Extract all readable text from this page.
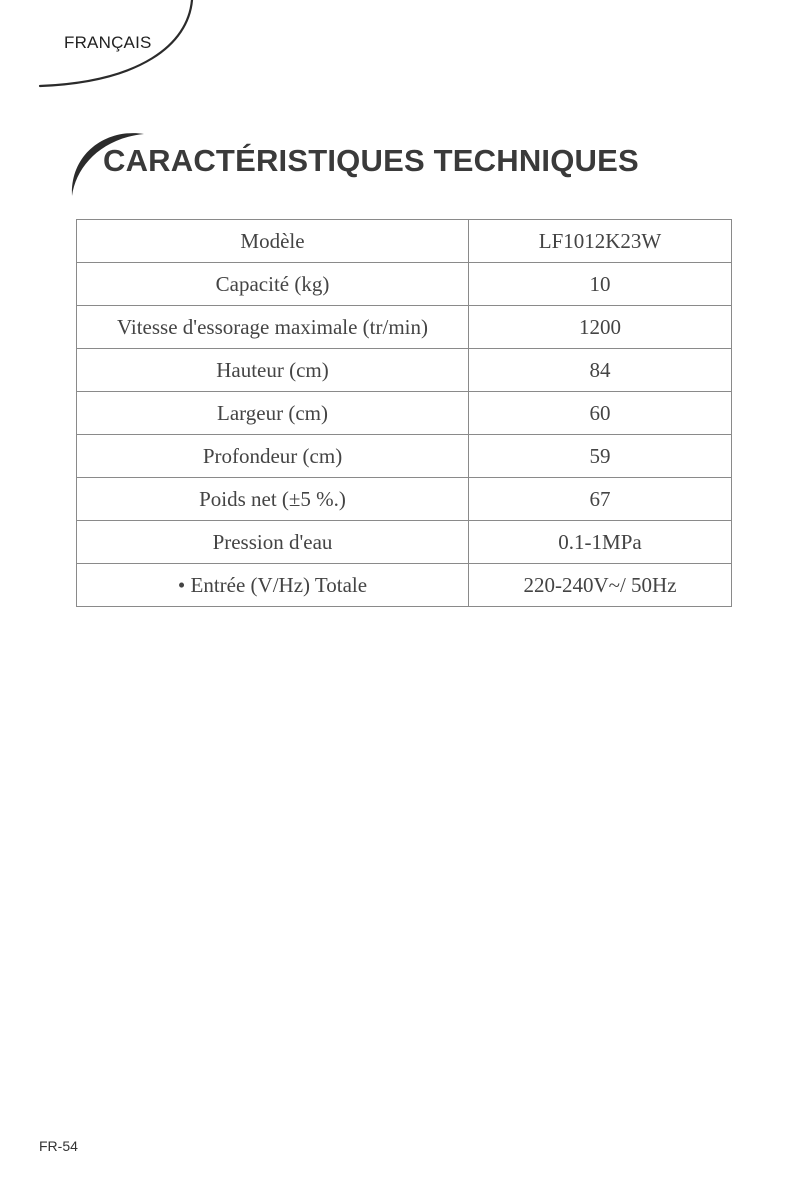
FRANÇAIS
CARACTÉRISTIQUES TECHNIQUES
Modèle	LF1012K23W
Capacité (kg)	10
Vitesse d'essorage maximale (tr/min)	1200
Hauteur (cm)	84
Largeur (cm)	60
Profondeur (cm)	59
Poids net (±5 %.)	67
Pression d'eau	0.1-1MPa
• Entrée (V/Hz) Totale	220-240V~/ 50Hz
FR-54
